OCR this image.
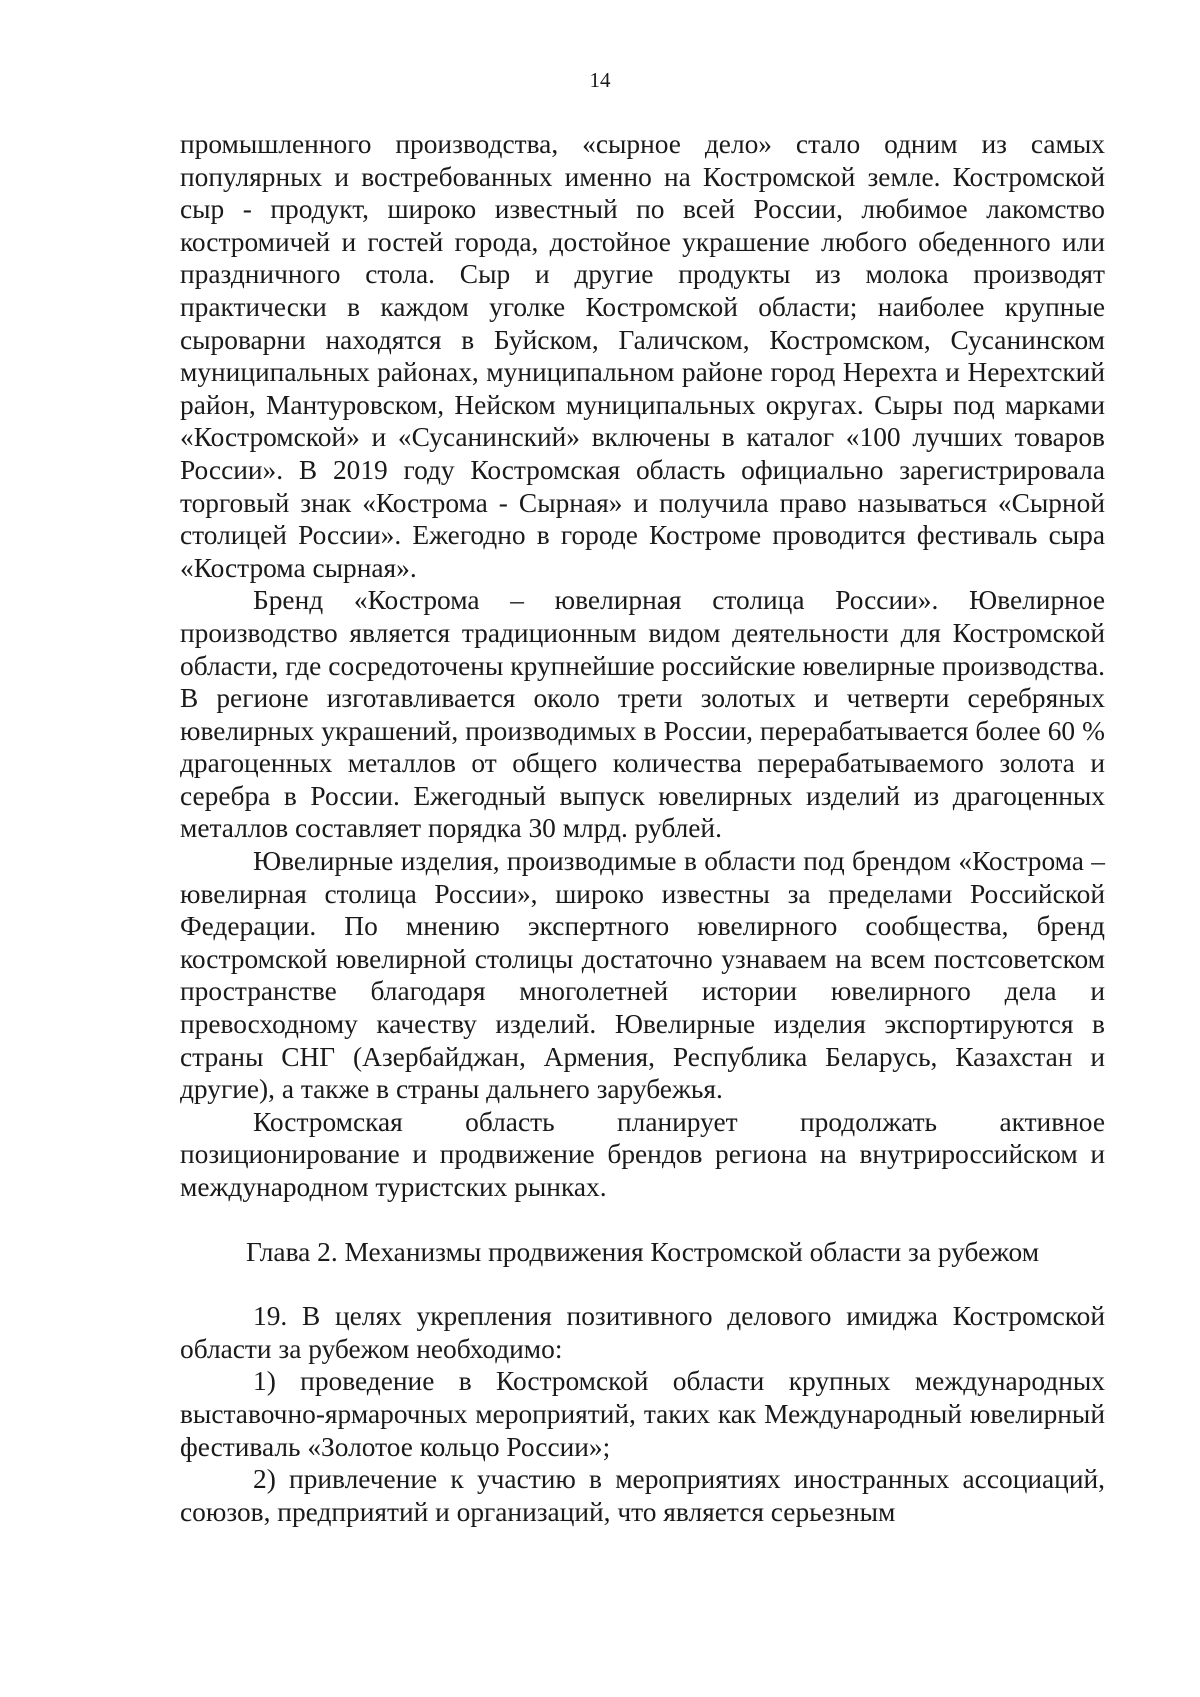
14

промышленного производства, «сырное дело» стало одним из самых популярных и востребованных именно на Костромской земле. Костромской сыр - продукт, широко известный по всей России, любимое лакомство костромичей и гостей города, достойное украшение любого обеденного или праздничного стола. Сыр и другие продукты из молока производят практически в каждом уголке Костромской области; наиболее крупные сыроварни находятся в Буйском, Галичском, Костромском, Сусанинском муниципальных районах, муниципальном районе город Нерехта и Нерехтский район, Мантуровском, Нейском муниципальных округах. Сыры под марками «Костромской» и «Сусанинский» включены в каталог «100 лучших товаров России». В 2019 году Костромская область официально зарегистрировала торговый знак «Кострома - Сырная» и получила право называться «Сырной столицей России». Ежегодно в городе Костроме проводится фестиваль сыра «Кострома сырная».

Бренд «Кострома – ювелирная столица России». Ювелирное производство является традиционным видом деятельности для Костромской области, где сосредоточены крупнейшие российские ювелирные производства. В регионе изготавливается около трети золотых и четверти серебряных ювелирных украшений, производимых в России, перерабатывается более 60 % драгоценных металлов от общего количества перерабатываемого золота и серебра в России. Ежегодный выпуск ювелирных изделий из драгоценных металлов составляет порядка 30 млрд. рублей.

Ювелирные изделия, производимые в области под брендом «Кострома – ювелирная столица России», широко известны за пределами Российской Федерации. По мнению экспертного ювелирного сообщества, бренд костромской ювелирной столицы достаточно узнаваем на всем постсоветском пространстве благодаря многолетней истории ювелирного дела и превосходному качеству изделий. Ювелирные изделия экспортируются в страны СНГ (Азербайджан, Армения, Республика Беларусь, Казахстан и другие), а также в страны дальнего зарубежья.

Костромская область планирует продолжать активное позиционирование и продвижение брендов региона на внутрироссийском и международном туристских рынках.

Глава 2. Механизмы продвижения Костромской области за рубежом

19. В целях укрепления позитивного делового имиджа Костромской области за рубежом необходимо:

1) проведение в Костромской области крупных международных выставочно-ярмарочных мероприятий, таких как Международный ювелирный фестиваль «Золотое кольцо России»;

2) привлечение к участию в мероприятиях иностранных ассоциаций, союзов, предприятий и организаций, что является серьезным
